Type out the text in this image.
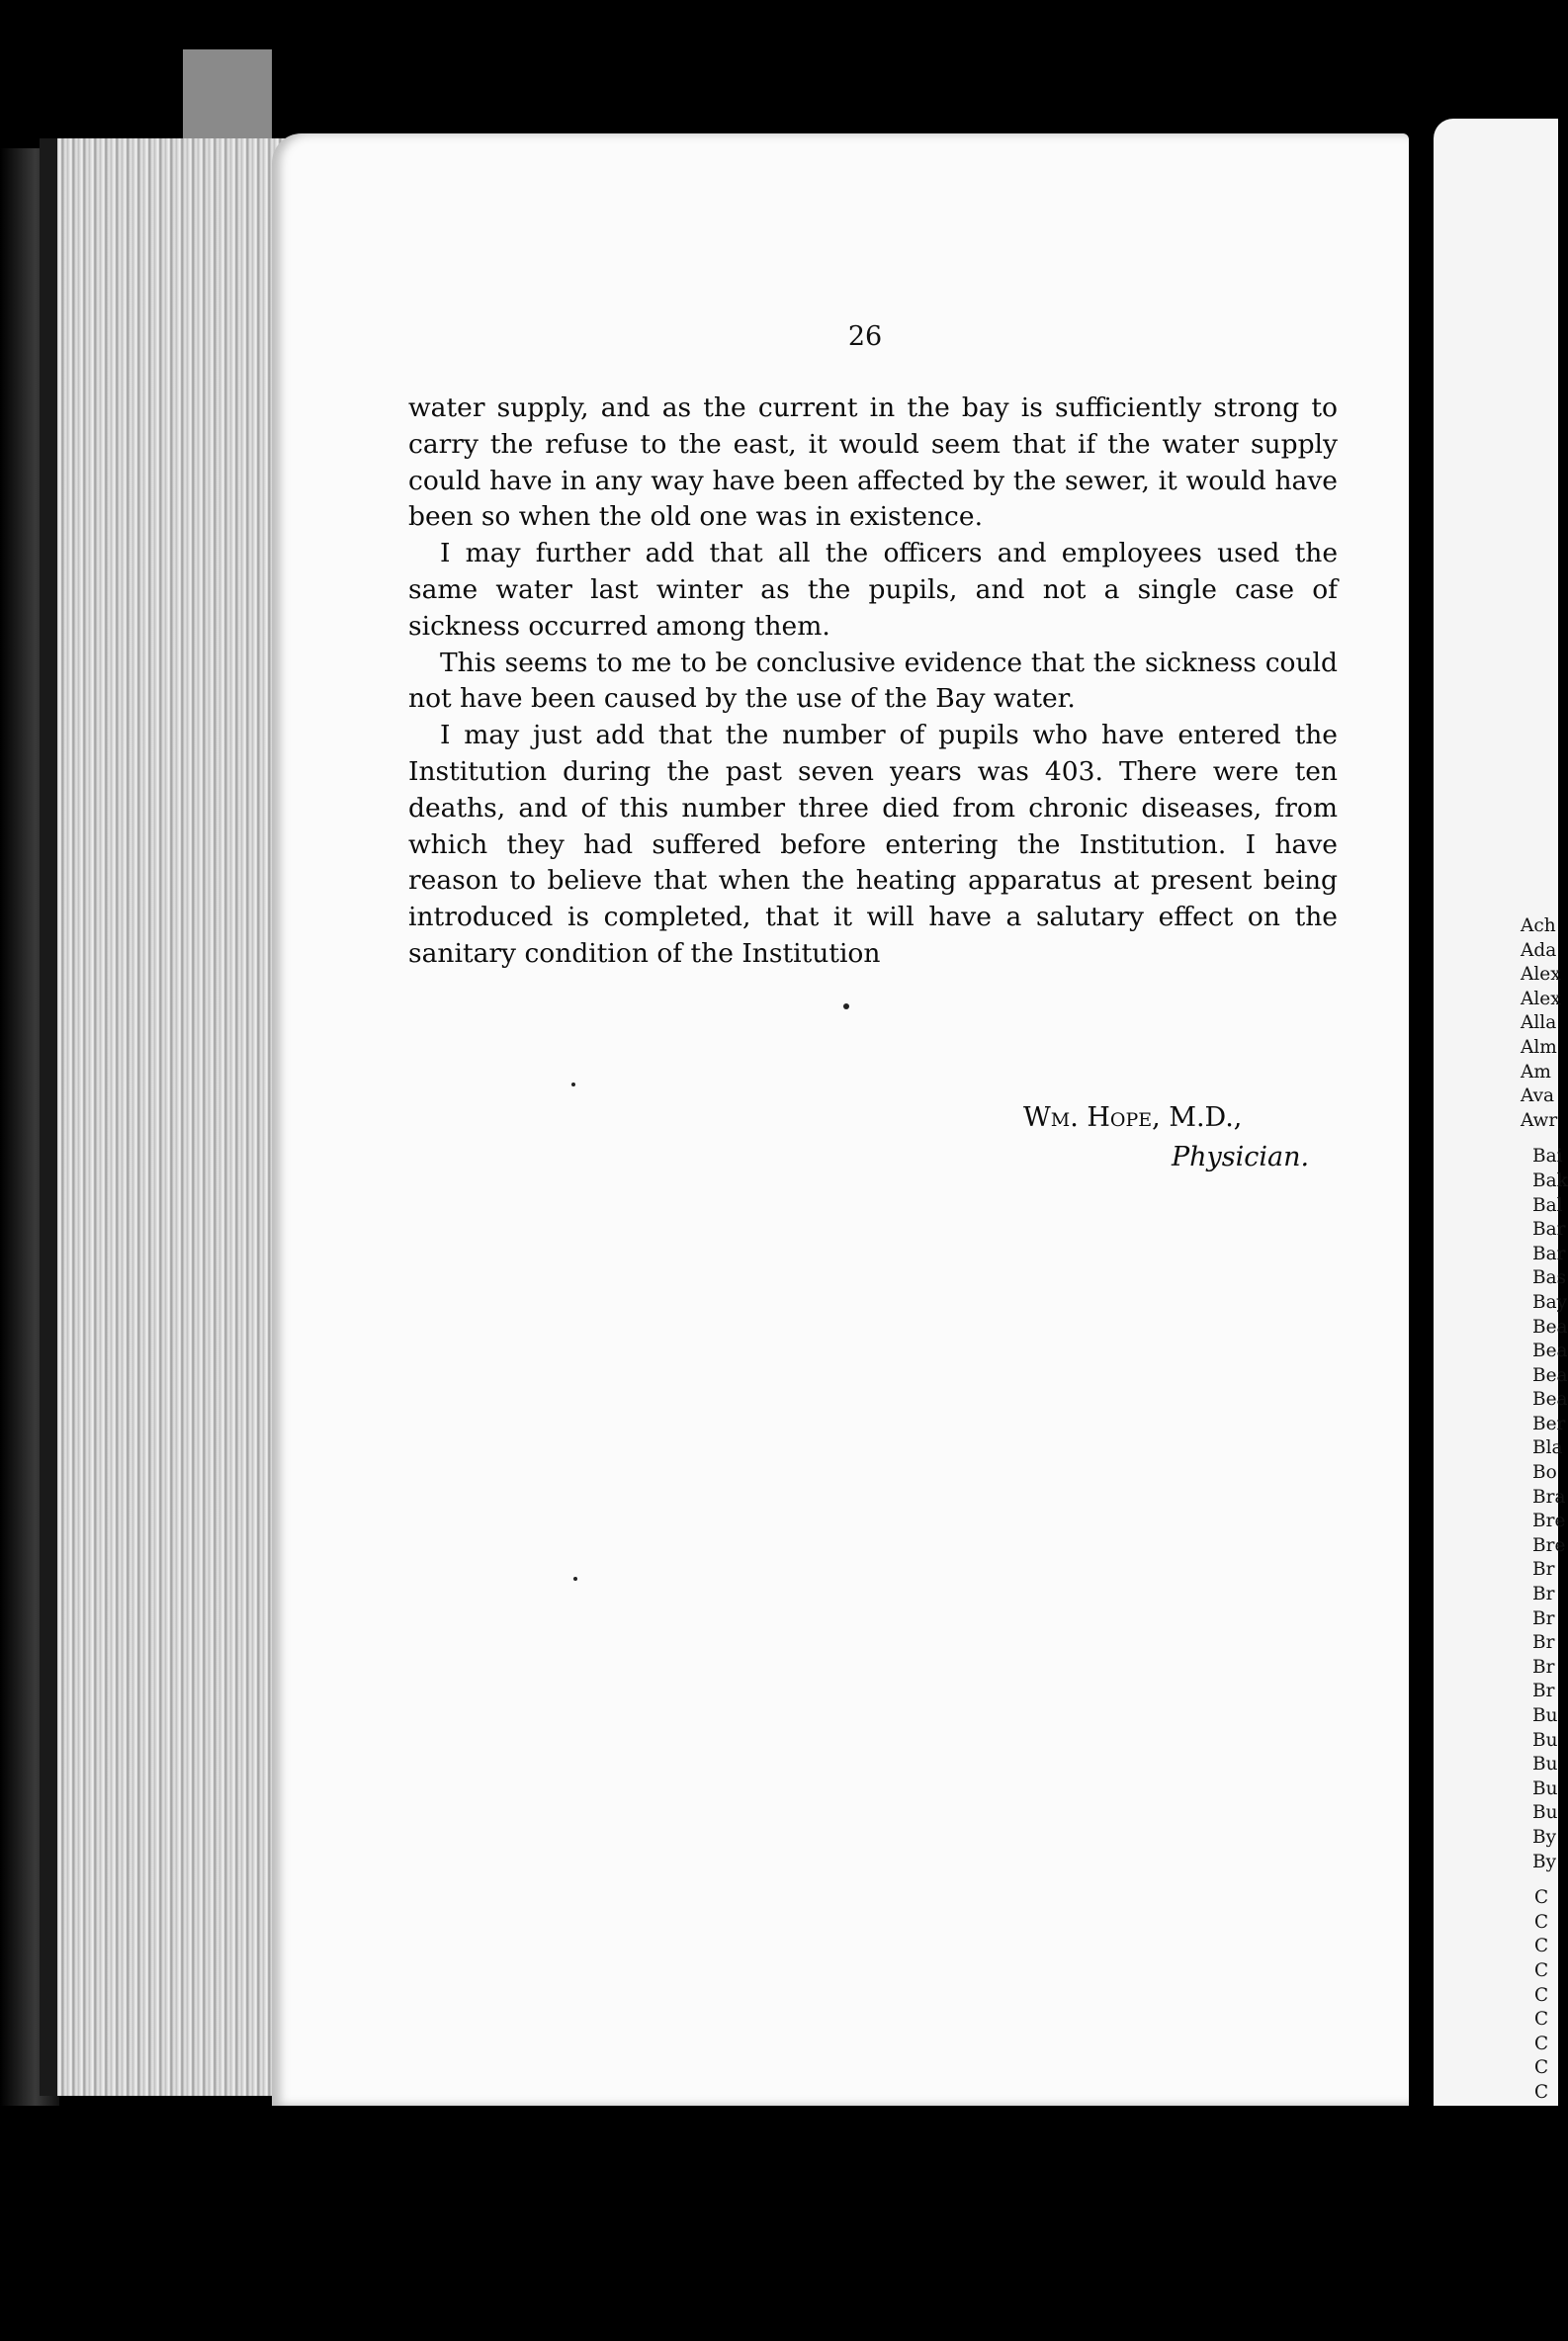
26

water supply, and as the current in the bay is sufficiently strong to carry the refuse to the east, it would seem that if the water supply could have in any way have been affected by the sewer, it would have been so when the old one was in existence.

I may further add that all the officers and employees used the same water last winter as the pupils, and not a single case of sickness occurred among them.

This seems to me to be conclusive evidence that the sickness could not have been caused by the use of the Bay water.

I may just add that the number of pupils who have entered the Institution during the past seven years was 403. There were ten deaths, and of this number three died from chronic diseases, from which they had suffered before entering the Institution. I have reason to believe that when the heating apparatus at present being introduced is completed, that it will have a salutary effect on the sanitary condition of the Institution

Wm. Hope, M.D.,
Physician.
Ach
Ada
Alex
Alex
Alla
Alm
Am
Ava
Awr
Bai
Bak
Bal
Bar
Bar
Bas
Bay
Bea
Bea
Bea
Bea
Ber
Bla
Bo
Bra
Bre
Bre
Br
Br
Br
Br
Br
Br
Bu
Bu
Bu
Bu
Bu
By
By
C
C
C
C
C
C
C
C
C
